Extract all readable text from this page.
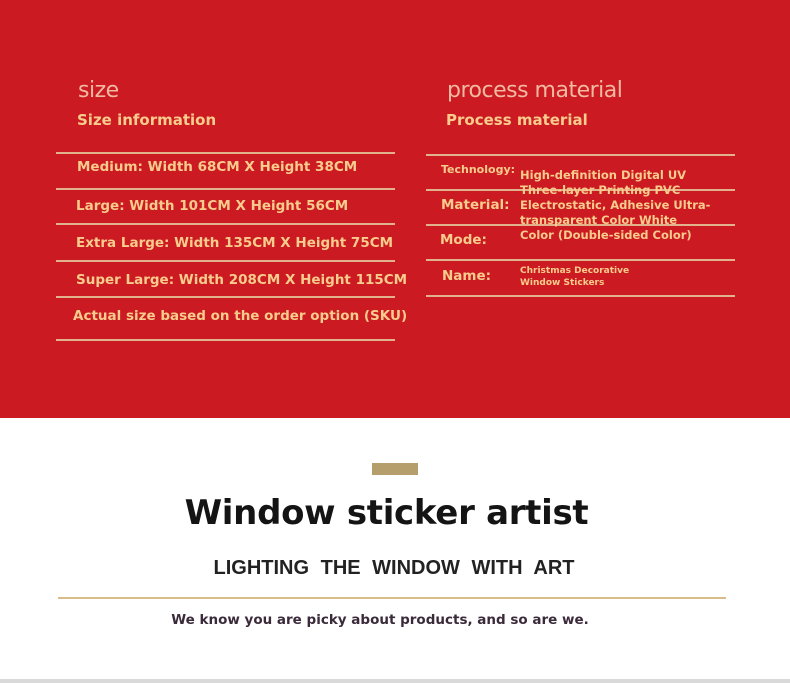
size
Size information
Medium: Width 68CM X Height 38CM
Large: Width 101CM X Height 56CM
Extra Large: Width 135CM X Height 75CM
Super Large: Width 208CM X Height 115CM
Actual size based on the order option (SKU)
process material
Process material
Technology:
Material:
Mode:
Name:
High-definition Digital UV
Three-layer Printing PVC
Electrostatic, Adhesive Ultra-
transparent Color White
Color (Double-sided Color)
Christmas Decorative
Window Stickers
Window sticker artist
LIGHTING THE WINDOW WITH ART
We know you are picky about products, and so are we.
